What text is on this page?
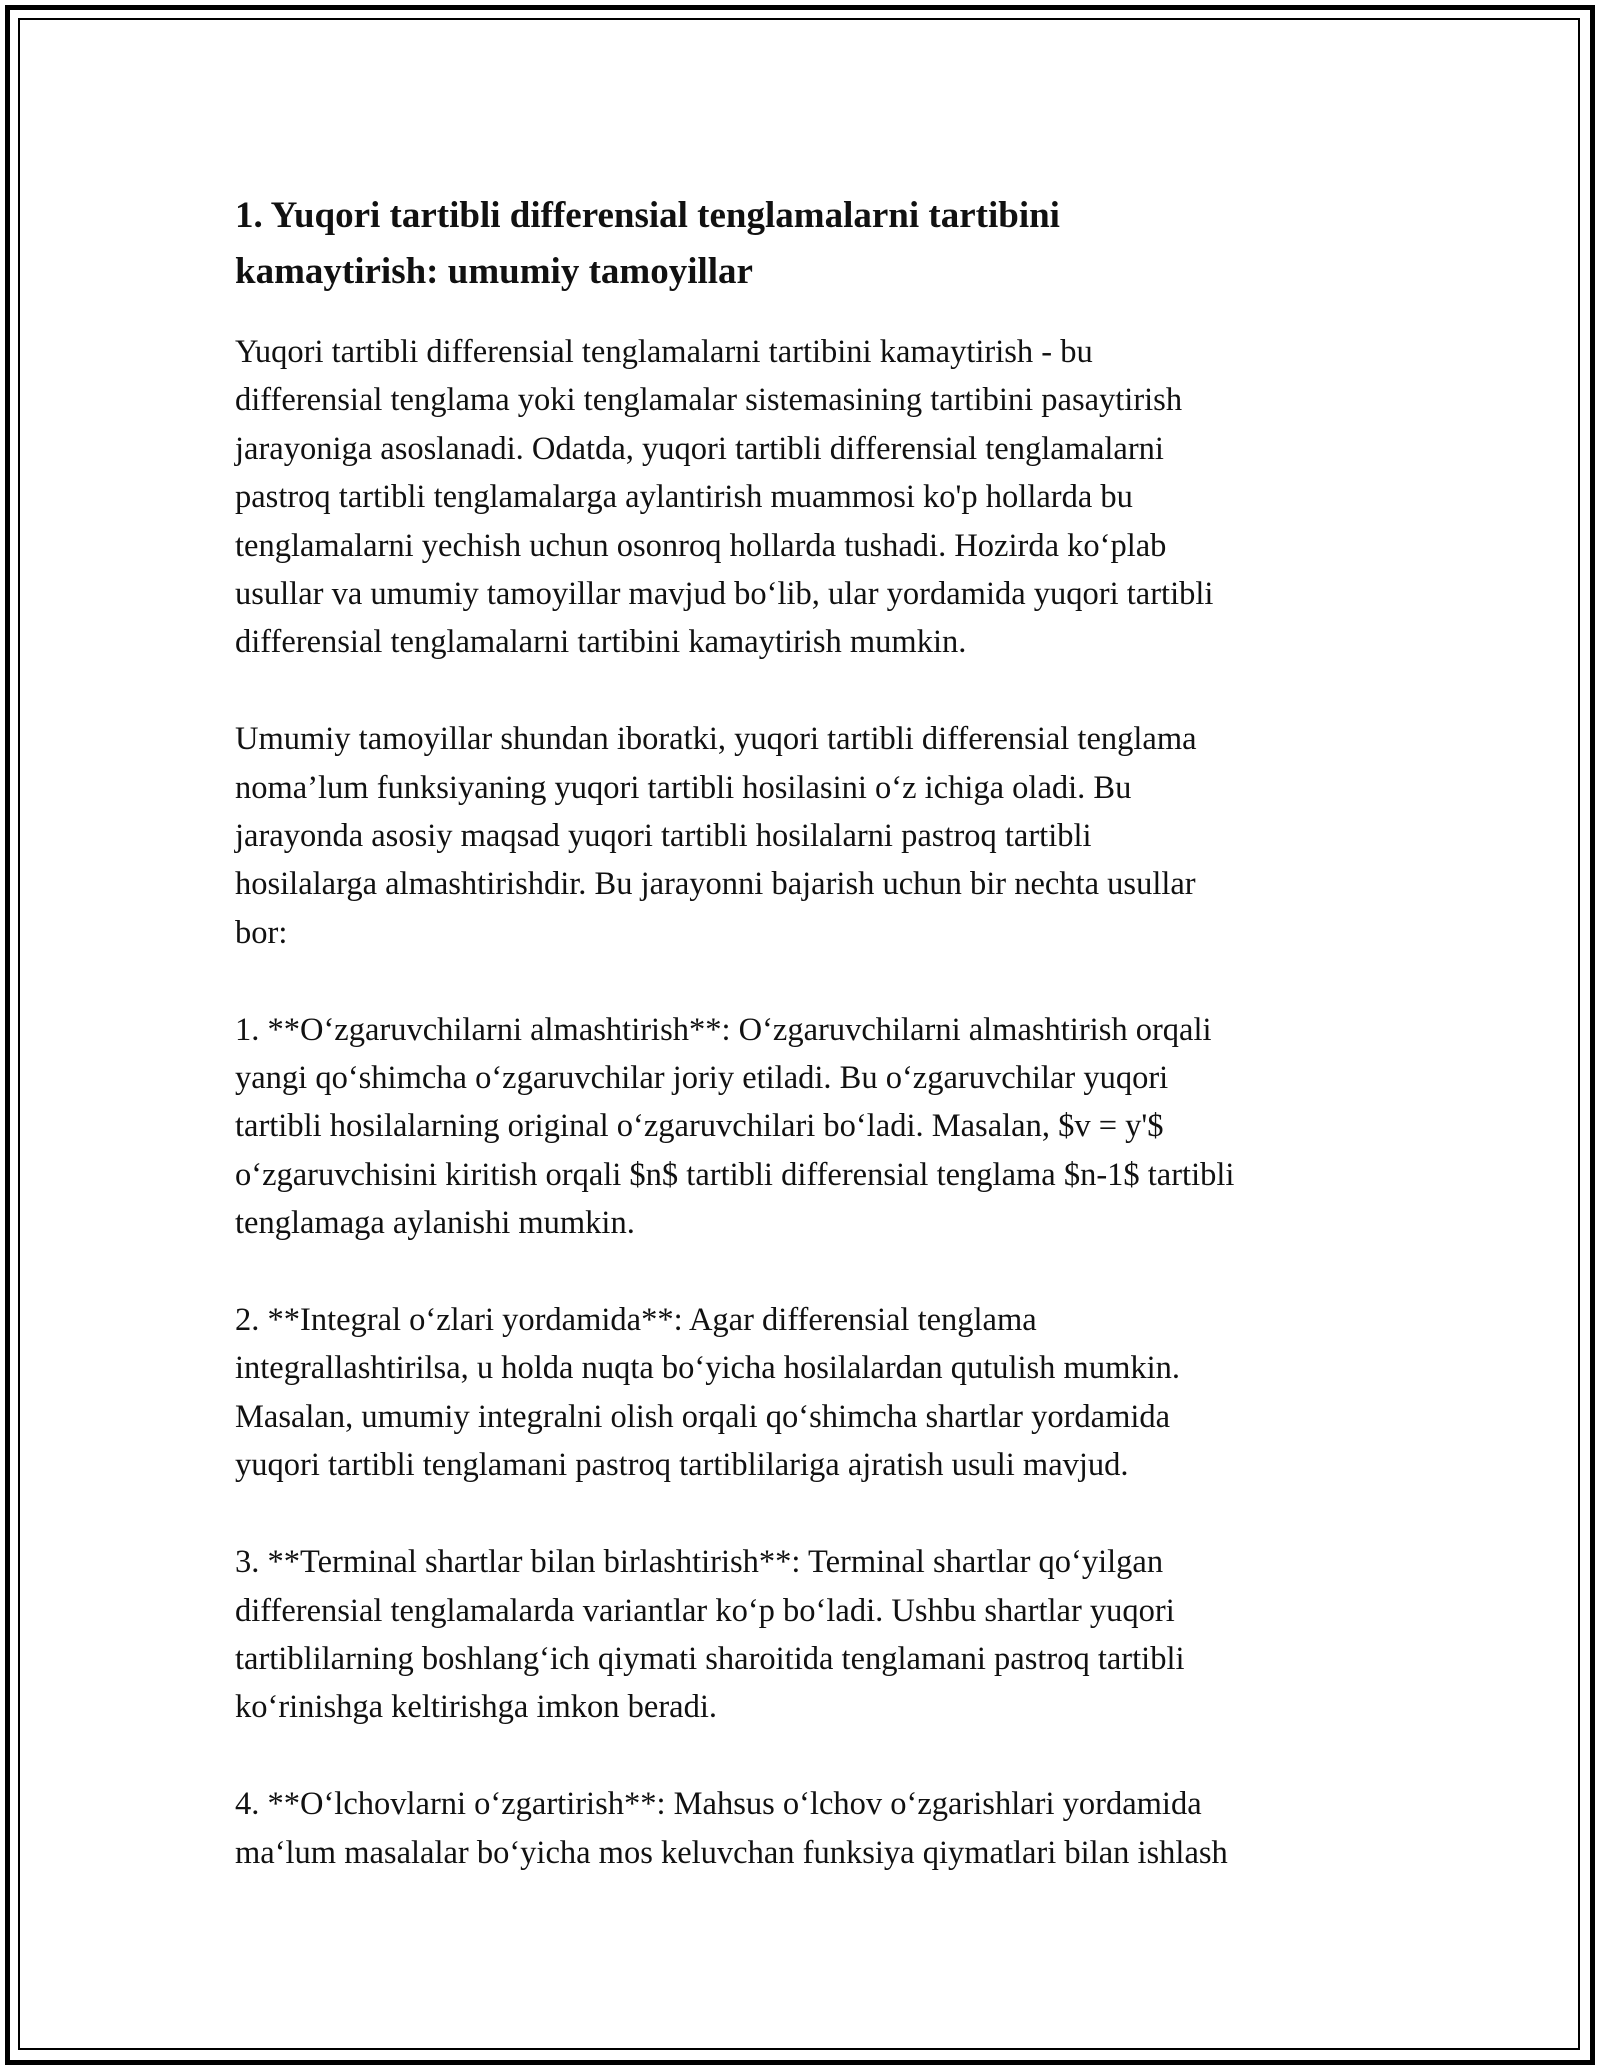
1. Yuqori tartibli differensial tenglamalarni tartibini
kamaytirish: umumiy tamoyillar

Yuqori tartibli differensial tenglamalarni tartibini kamaytirish - bu
differensial tenglama yoki tenglamalar sistemasining tartibini pasaytirish
jarayoniga asoslanadi. Odatda, yuqori tartibli differensial tenglamalarni
pastroq tartibli tenglamalarga aylantirish muammosi ko'p hollarda bu
tenglamalarni yechish uchun osonroq hollarda tushadi. Hozirda ko‘plab
usullar va umumiy tamoyillar mavjud bo‘lib, ular yordamida yuqori tartibli
differensial tenglamalarni tartibini kamaytirish mumkin.

Umumiy tamoyillar shundan iboratki, yuqori tartibli differensial tenglama
noma’lum funksiyaning yuqori tartibli hosilasini o‘z ichiga oladi. Bu
jarayonda asosiy maqsad yuqori tartibli hosilalarni pastroq tartibli
hosilalarga almashtirishdir. Bu jarayonni bajarish uchun bir nechta usullar
bor:

1. **O‘zgaruvchilarni almashtirish**: O‘zgaruvchilarni almashtirish orqali
yangi qo‘shimcha o‘zgaruvchilar joriy etiladi. Bu o‘zgaruvchilar yuqori
tartibli hosilalarning original o‘zgaruvchilari bo‘ladi. Masalan, $v = y'$
o‘zgaruvchisini kiritish orqali $n$ tartibli differensial tenglama $n-1$ tartibli
tenglamaga aylanishi mumkin.

2. **Integral o‘zlari yordamida**: Agar differensial tenglama
integrallashtirilsa, u holda nuqta bo‘yicha hosilalardan qutulish mumkin.
Masalan, umumiy integralni olish orqali qo‘shimcha shartlar yordamida
yuqori tartibli tenglamani pastroq tartiblilariga ajratish usuli mavjud.

3. **Terminal shartlar bilan birlashtirish**: Terminal shartlar qo‘yilgan
differensial tenglamalarda variantlar ko‘p bo‘ladi. Ushbu shartlar yuqori
tartiblilarning boshlang‘ich qiymati sharoitida tenglamani pastroq tartibli
ko‘rinishga keltirishga imkon beradi.

4. **O‘lchovlarni o‘zgartirish**: Mahsus o‘lchov o‘zgarishlari yordamida
ma‘lum masalalar bo‘yicha mos keluvchan funksiya qiymatlari bilan ishlash
